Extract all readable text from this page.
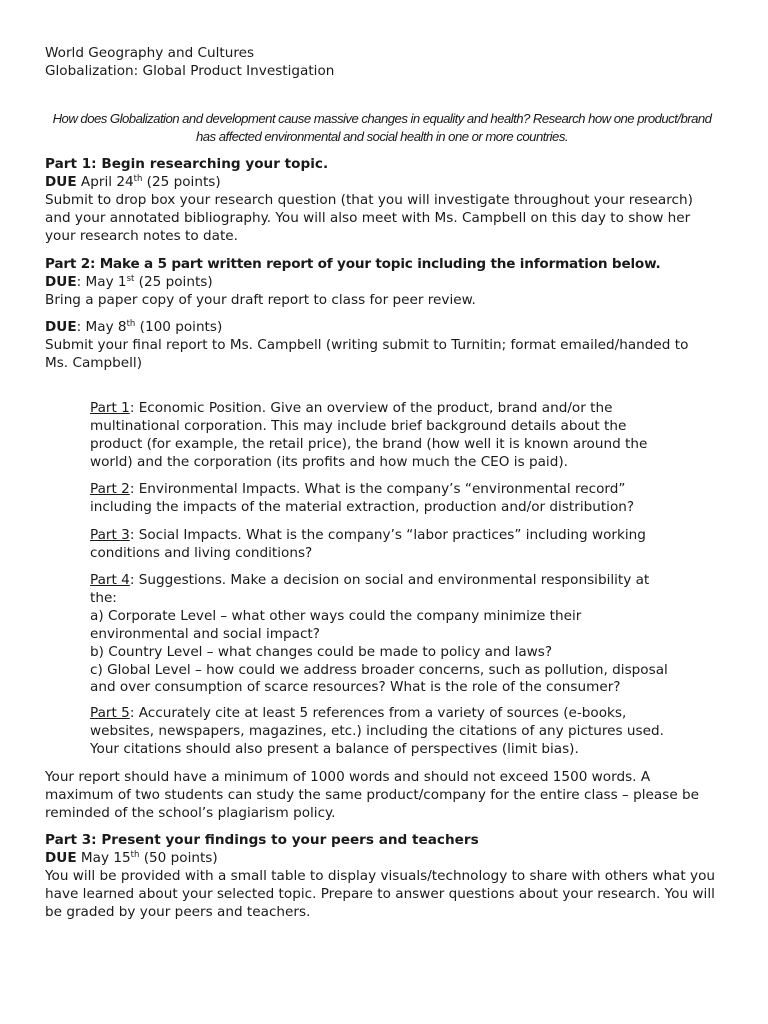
World Geography and Cultures
Globalization: Global Product Investigation
How does Globalization and development cause massive changes in equality and health? Research how one product/brand has affected environmental and social health in one or more countries.

Part 1: Begin researching your topic.

DUE April 24th (25 points)

Submit to drop box your research question (that you will investigate throughout your research) and your annotated bibliography. You will also meet with Ms. Campbell on this day to show her your research notes to date.

Part 2: Make a 5 part written report of your topic including the information below.

DUE: May 1st (25 points)

Bring a paper copy of your draft report to class for peer review.

DUE: May 8th (100 points)

Submit your final report to Ms. Campbell (writing submit to Turnitin; format emailed/handed to Ms. Campbell)

Part 1: Economic Position. Give an overview of the product, brand and/or the multinational corporation. This may include brief background details about the product (for example, the retail price), the brand (how well it is known around the world) and the corporation (its profits and how much the CEO is paid).

Part 2: Environmental Impacts. What is the company’s “environmental record” including the impacts of the material extraction, production and/or distribution?

Part 3: Social Impacts. What is the company’s “labor practices” including working conditions and living conditions?

Part 4: Suggestions. Make a decision on social and environmental responsibility at the:

a) Corporate Level – what other ways could the company minimize their environmental and social impact?

b) Country Level – what changes could be made to policy and laws?

c) Global Level – how could we address broader concerns, such as pollution, disposal and over consumption of scarce resources? What is the role of the consumer?

Part 5: Accurately cite at least 5 references from a variety of sources (e-books, websites, newspapers, magazines, etc.) including the citations of any pictures used. Your citations should also present a balance of perspectives (limit bias).

Your report should have a minimum of 1000 words and should not exceed 1500 words. A maximum of two students can study the same product/company for the entire class – please be reminded of the school’s plagiarism policy.

Part 3: Present your findings to your peers and teachers

DUE May 15th (50 points)

You will be provided with a small table to display visuals/technology to share with others what you have learned about your selected topic. Prepare to answer questions about your research. You will be graded by your peers and teachers.
